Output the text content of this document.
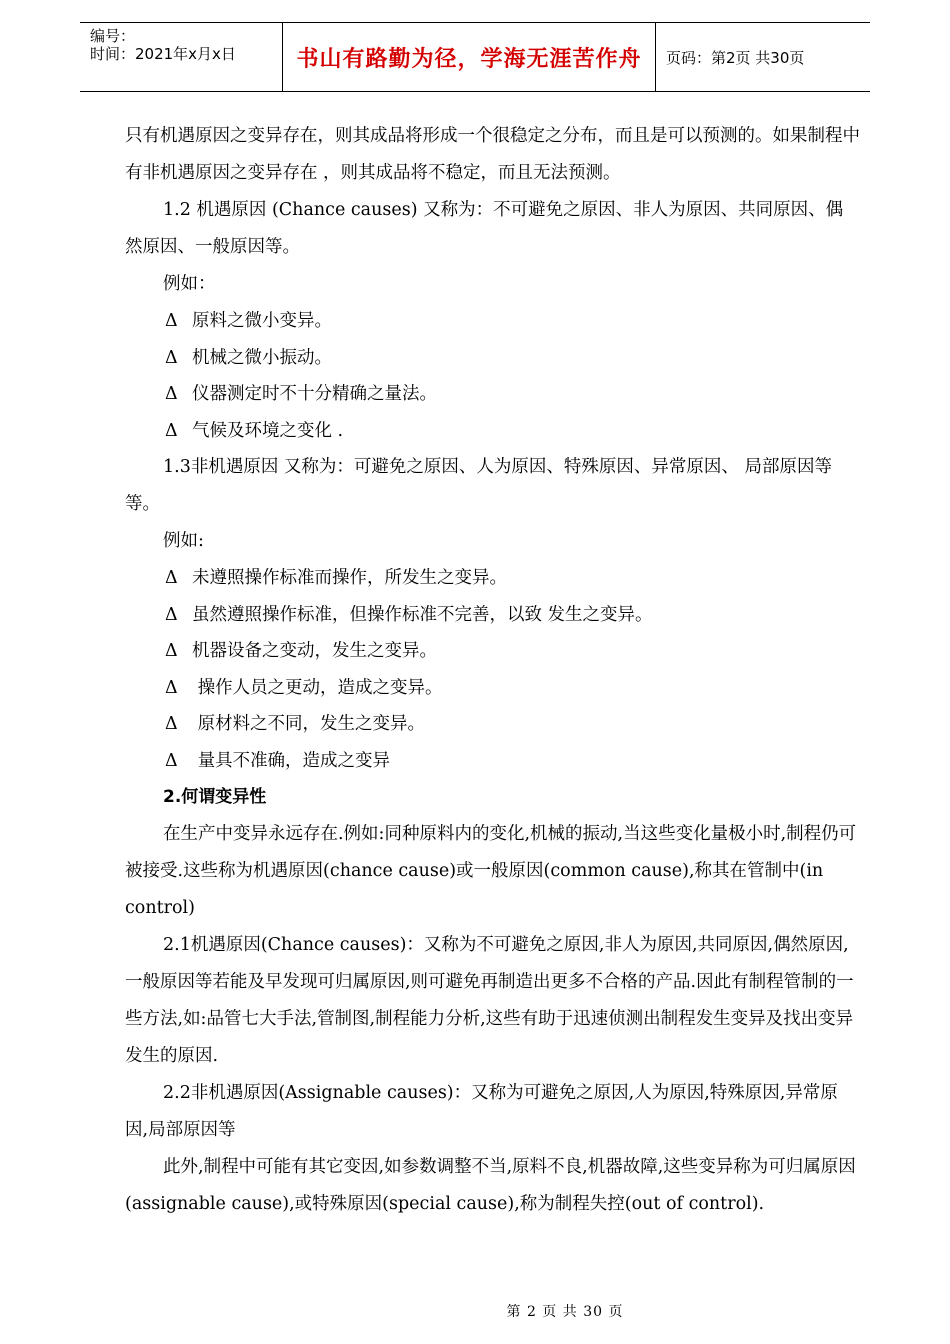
编号：
时间：2021年x月x日	书山有路勤为径，学海无涯苦作舟	页码：第2页 共30页

只有机遇原因之变异存在，则其成品将形成一个很稳定之分布，而且是可以预测的。如果制程中有非机遇原因之变异存在 ，则其成品将不稳定，而且无法预测。

1.2 机遇原因 (Chance causes) 又称为：不可避免之原因、非人为原因、共同原因、偶然原因、一般原因等。

例如：

Δ 原料之微小变异。

Δ 机械之微小振动。

Δ 仪器测定时不十分精确之量法。

Δ 气候及环境之变化 .

1.3非机遇原因 又称为：可避免之原因、人为原因、特殊原因、异常原因、 局部原因等等。

例如:

Δ 未遵照操作标准而操作，所发生之变异。

Δ 虽然遵照操作标准，但操作标准不完善，以致 发生之变异。

Δ 机器设备之变动，发生之变异。

Δ 操作人员之更动，造成之变异。

Δ 原材料之不同，发生之变异。

Δ 量具不准确，造成之变异

2.何谓变异性

在生产中变异永远存在.例如:同种原料内的变化,机械的振动,当这些变化量极小时,制程仍可被接受.这些称为机遇原因(chance cause)或一般原因(common cause),称其在管制中(in control)

2.1机遇原因(Chance causes)：又称为不可避免之原因,非人为原因,共同原因,偶然原因,一般原因等若能及早发现可归属原因,则可避免再制造出更多不合格的产品.因此有制程管制的一些方法,如:品管七大手法,管制图,制程能力分析,这些有助于迅速侦测出制程发生变异及找出变异发生的原因.

2.2非机遇原因(Assignable causes)：又称为可避免之原因,人为原因,特殊原因,异常原因,局部原因等

此外,制程中可能有其它变因,如参数调整不当,原料不良,机器故障,这些变异称为可归属原因(assignable cause),或特殊原因(special cause),称为制程失控(out of control).

第 2 页 共 30 页
